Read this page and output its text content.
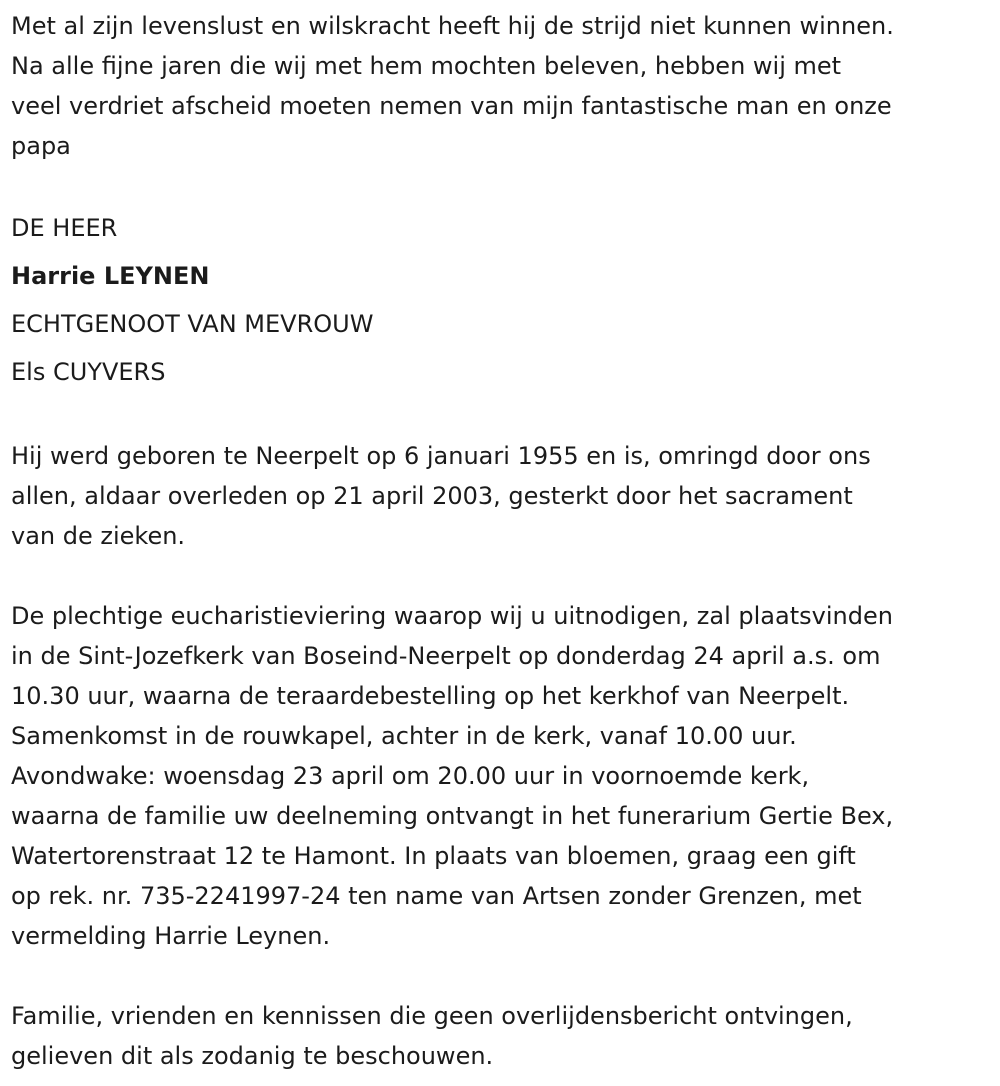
Met al zijn levenslust en wilskracht heeft hij de strijd niet kunnen winnen.
Na alle fijne jaren die wij met hem mochten beleven, hebben wij met
veel verdriet afscheid moeten nemen van mijn fantastische man en onze
papa

DE HEER
Harrie LEYNEN
ECHTGENOOT VAN MEVROUW
Els CUYVERS

Hij werd geboren te Neerpelt op 6 januari 1955 en is, omringd door ons
allen, aldaar overleden op 21 april 2003, gesterkt door het sacrament
van de zieken.

De plechtige eucharistieviering waarop wij u uitnodigen, zal plaatsvinden
in de Sint-Jozefkerk van Boseind-Neerpelt op donderdag 24 april a.s. om
10.30 uur, waarna de teraardebestelling op het kerkhof van Neerpelt.
Samenkomst in de rouwkapel, achter in de kerk, vanaf 10.00 uur.
Avondwake: woensdag 23 april om 20.00 uur in voornoemde kerk,
waarna de familie uw deelneming ontvangt in het funerarium Gertie Bex,
Watertorenstraat 12 te Hamont. In plaats van bloemen, graag een gift
op rek. nr. 735-2241997-24 ten name van Artsen zonder Grenzen, met
vermelding Harrie Leynen.

Familie, vrienden en kennissen die geen overlijdensbericht ontvingen,
gelieven dit als zodanig te beschouwen.
